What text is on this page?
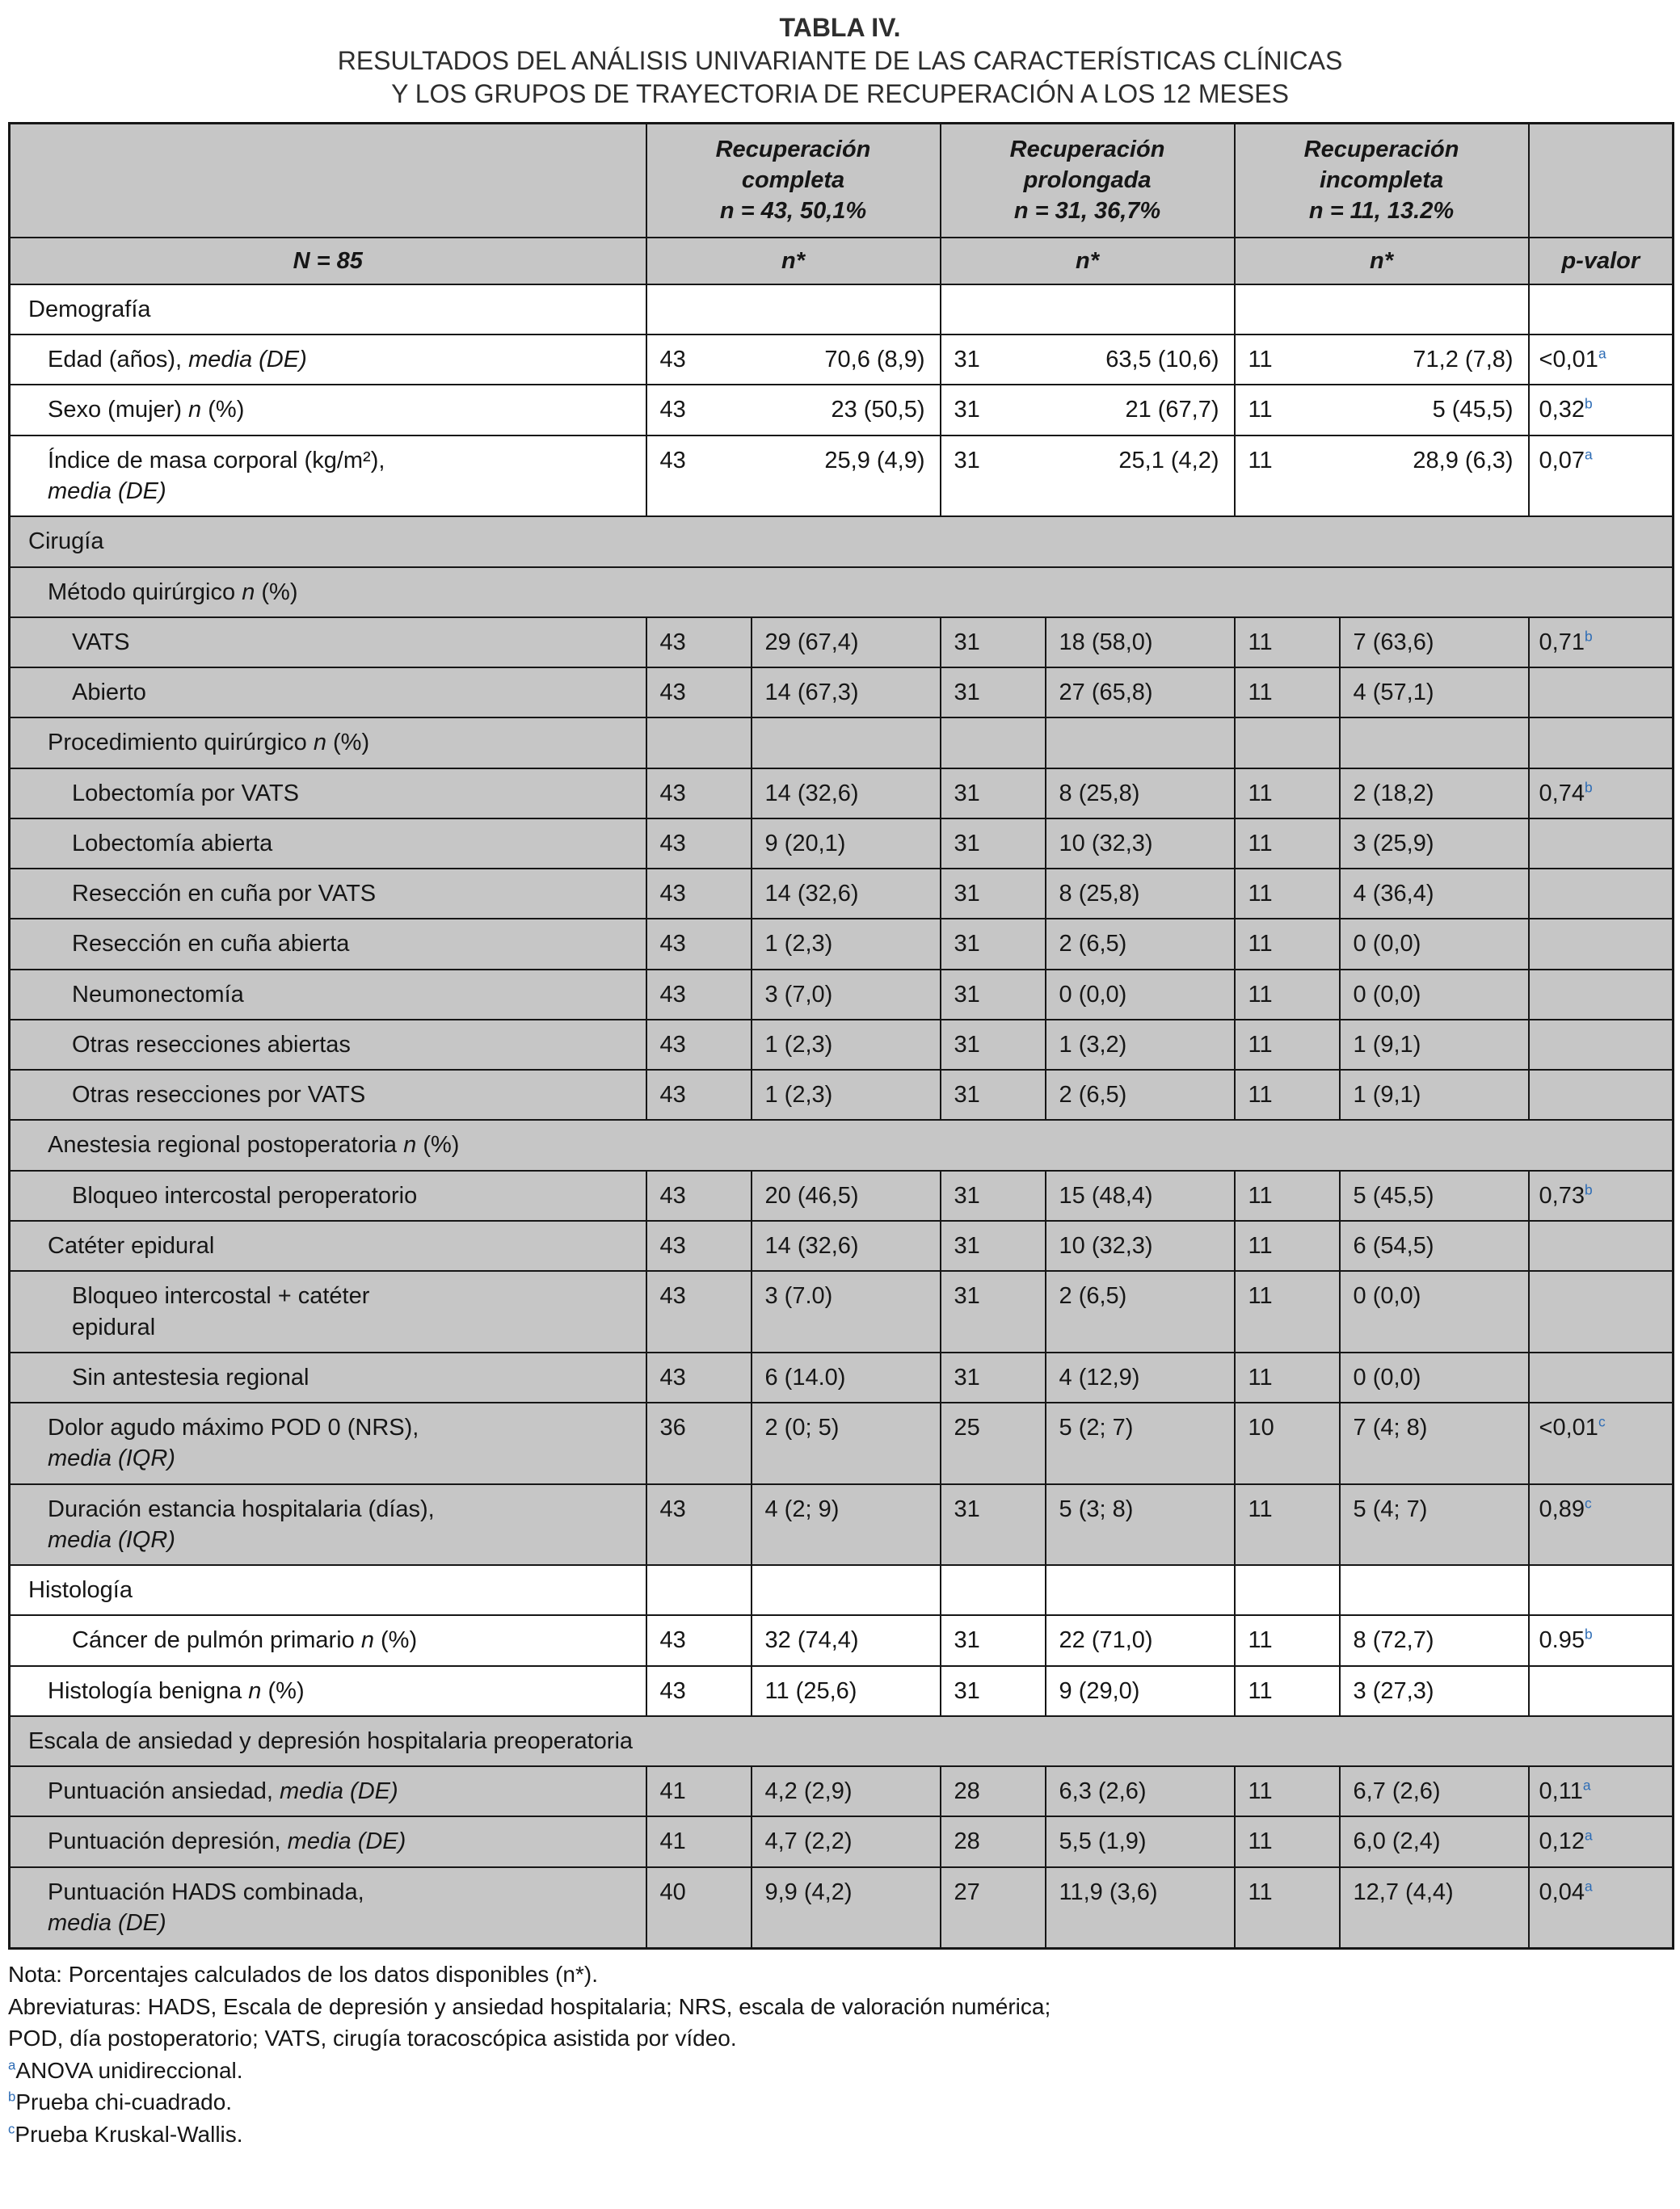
TABLA IV.
RESULTADOS DEL ANÁLISIS UNIVARIANTE DE LAS CARACTERÍSTICAS CLÍNICAS
Y LOS GRUPOS DE TRAYECTORIA DE RECUPERACIÓN A LOS 12 MESES

Recuperación
completa
n = 43, 50,1%

Recuperación
prolongada
n = 31, 36,7%

Recuperación
incompleta
n = 11, 13.2%

N = 85	n*		n*		n*		p-valor
Demografía							
Edad (años), media (DE)	43	70,6 (8,9)	31	63,5 (10,6)	11	71,2 (7,8)	<0,01$^a$
Sexo (mujer) n (%)	43	23 (50,5)	31	21 (67,7)	11	5 (45,5)	0,32$^b$
Índice de masa corporal (kg/m²),
media (DE)	43	25,9 (4,9)	31	25,1 (4,2)	11	28,9 (6,3)	0,07$^a$
Cirugía							
Método quirúrgico n (%)							
VATS	43	29 (67,4)	31	18 (58,0)	11	7 (63,6)	0,71$^b$
Abierto	43	14 (67,3)	31	27 (65,8)	11	4 (57,1)	
Procedimiento quirúrgico n (%)							
Lobectomía por VATS	43	14 (32,6)	31	8 (25,8)	11	2 (18,2)	0,74$^b$
Lobectomía abierta	43	9 (20,1)	31	10 (32,3)	11	3 (25,9)	
Resección en cuña por VATS	43	14 (32,6)	31	8 (25,8)	11	4 (36,4)	
Resección en cuña abierta	43	1 (2,3)	31	2 (6,5)	11	0 (0,0)	
Neumonectomía	43	3 (7,0)	31	0 (0,0)	11	0 (0,0)	
Otras resecciones abiertas	43	1 (2,3)	31	1 (3,2)	11	1 (9,1)	
Otras resecciones por VATS	43	1 (2,3)	31	2 (6,5)	11	1 (9,1)	
Anestesia regional postoperatoria n (%)							
Bloqueo intercostal peroperatorio	43	20 (46,5)	31	15 (48,4)	11	5 (45,5)	0,73$^b$
Catéter epidural	43	14 (32,6)	31	10 (32,3)	11	6 (54,5)	
Bloqueo intercostal + catéter
epidural	43	3 (7.0)	31	2 (6,5)	11	0 (0,0)	
Sin antestesia regional	43	6 (14.0)	31	4 (12,9)	11	0 (0,0)	
Dolor agudo máximo POD 0 (NRS),
media (IQR)	36	2 (0; 5)	25	5 (2; 7)	10	7 (4; 8)	<0,01$^c$
Duración estancia hospitalaria (días),
media (IQR)	43	4 (2; 9)	31	5 (3; 8)	11	5 (4; 7)	0,89$^c$
Histología							
Cáncer de pulmón primario n (%)	43	32 (74,4)	31	22 (71,0)	11	8 (72,7)	0.95$^b$
Histología benigna n (%)	43	11 (25,6)	31	9 (29,0)	11	3 (27,3)	
Escala de ansiedad y depresión hospitalaria preoperatoria							
Puntuación ansiedad, media (DE)	41	4,2 (2,9)	28	6,3 (2,6)	11	6,7 (2,6)	0,11$^a$
Puntuación depresión, media (DE)	41	4,7 (2,2)	28	5,5 (1,9)	11	6,0 (2,4)	0,12$^a$
Puntuación HADS combinada,
media (DE)	40	9,9 (4,2)	27	11,9 (3,6)	11	12,7 (4,4)	0,04$^a$
Nota: Porcentajes calculados de los datos disponibles (n*).
Abreviaturas: HADS, Escala de depresión y ansiedad hospitalaria; NRS, escala de valoración numérica;
POD, día postoperatorio; VATS, cirugía toracoscópica asistida por vídeo.
$^a$ANOVA unidireccional.
$^b$Prueba chi-cuadrado.
$^c$Prueba Kruskal-Wallis.
